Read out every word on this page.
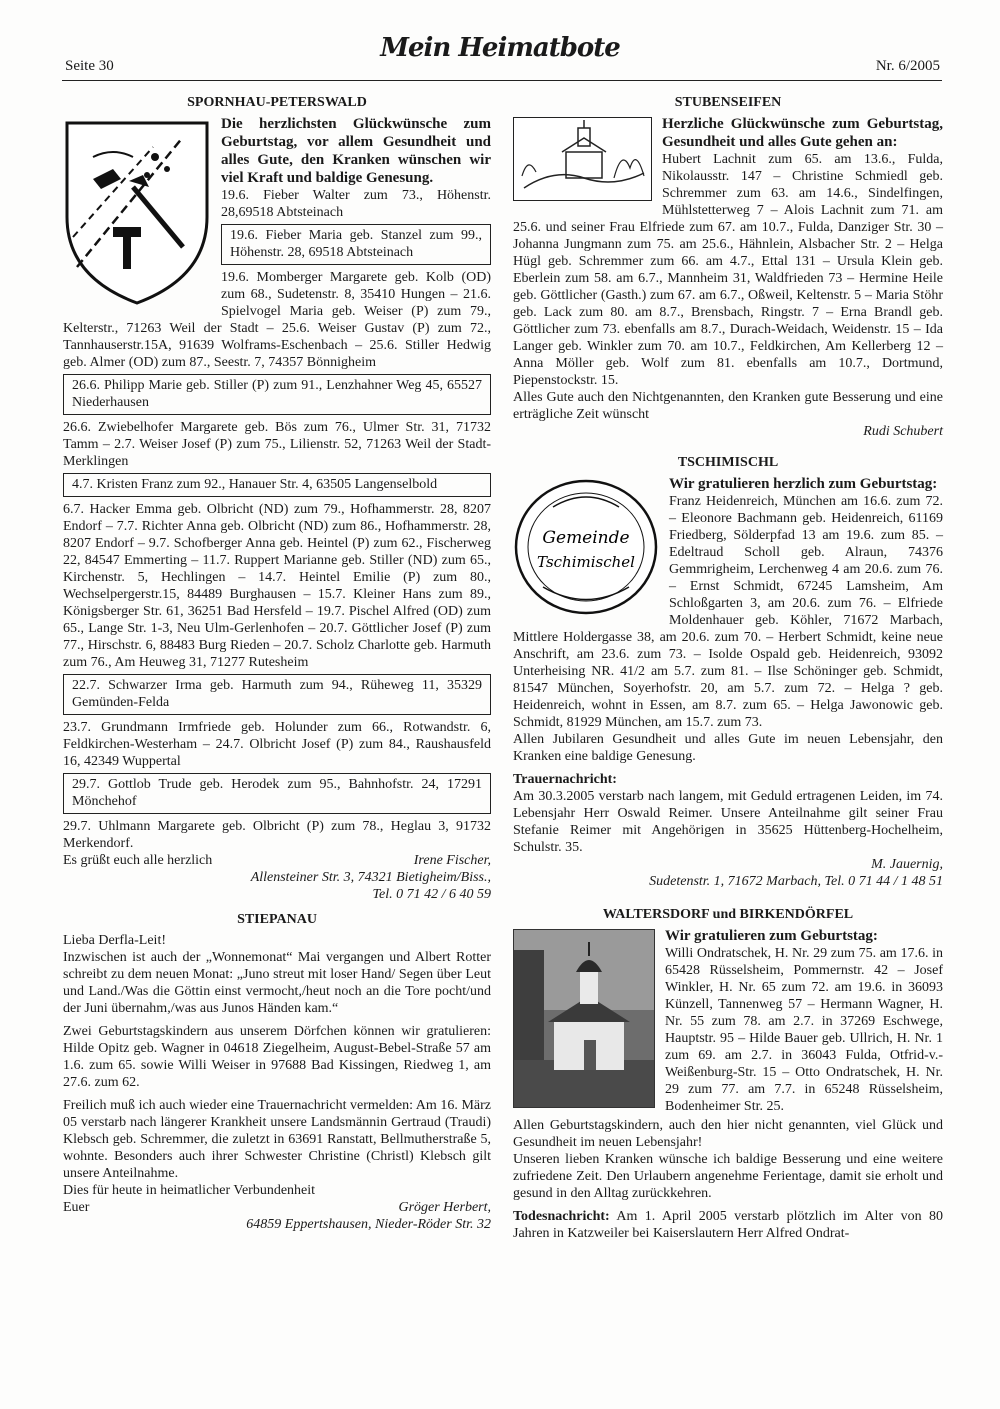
Seite 30
Mein Heimatbote
Nr. 6/2005
SPORNHAU-PETERSWALD
Die herzlichsten Glückwünsche zum Geburtstag, vor allem Gesundheit und alles Gute, den Kranken wünschen wir viel Kraft und baldige Genesung.

19.6. Fieber Walter zum 73., Höhenstr. 28,69518 Abtsteinach

19.6. Fieber Maria geb. Stanzel zum 99., Höhenstr. 28, 69518 Abtsteinach

19.6. Momberger Margarete geb. Kolb (OD) zum 68., Sudetenstr. 8, 35410 Hungen – 21.6. Spielvogel Maria geb. Weiser (P) zum 79., Kelterstr., 71263 Weil der Stadt – 25.6. Weiser Gustav (P) zum 72., Tannhauserstr.15A, 91639 Wolframs-Eschenbach – 25.6. Stiller Hedwig geb. Almer (OD) zum 87., Seestr. 7, 74357 Bönnigheim

26.6. Philipp Marie geb. Stiller (P) zum 91., Lenzhahner Weg 45, 65527 Niederhausen

26.6. Zwiebelhofer Margarete geb. Bös zum 76., Ulmer Str. 31, 71732 Tamm – 2.7. Weiser Josef (P) zum 75., Lilienstr. 52, 71263 Weil der Stadt-Merklingen

4.7. Kristen Franz zum 92., Hanauer Str. 4, 63505 Langenselbold

6.7. Hacker Emma geb. Olbricht (ND) zum 79., Hofhammerstr. 28, 8207 Endorf – 7.7. Richter Anna geb. Olbricht (ND) zum 86., Hofhammerstr. 28, 8207 Endorf – 9.7. Schofberger Anna geb. Heintel (P) zum 62., Fischerweg 22, 84547 Emmerting – 11.7. Ruppert Marianne geb. Stiller (ND) zum 65., Kirchenstr. 5, Hechlingen – 14.7. Heintel Emilie (P) zum 80., Wechselpergerstr.15, 84489 Burghausen – 15.7. Kleiner Hans zum 89., Königsberger Str. 61, 36251 Bad Hersfeld – 19.7. Pischel Alfred (OD) zum 65., Lange Str. 1-3, Neu Ulm-Gerlenhofen – 20.7. Göttlicher Josef (P) zum 77., Hirschstr. 6, 88483 Burg Rieden – 20.7. Scholz Charlotte geb. Harmuth zum 76., Am Heuweg 31, 71277 Rutesheim

22.7. Schwarzer Irma geb. Harmuth zum 94., Rüheweg 11, 35329 Gemünden-Felda

23.7. Grundmann Irmfriede geb. Holunder zum 66., Rotwandstr. 6, Feldkirchen-Westerham – 24.7. Olbricht Josef (P) zum 84., Raushausfeld 16, 42349 Wuppertal

29.7. Gottlob Trude geb. Herodek zum 95., Bahnhofstr. 24, 17291 Mönchehof

29.7. Uhlmann Margarete geb. Olbricht (P) zum 78., Heglau 3, 91732 Merkendorf.

Es grüßt euch alle herzlich	Irene Fischer,
Allensteiner Str. 3, 74321 Bietigheim/Biss.,
Tel. 0 71 42 / 6 40 59
STIEPANAU

Lieba Derfla-Leit!

Inzwischen ist auch der „Wonnemonat“ Mai vergangen und Albert Rotter schreibt zu dem neuen Monat: „Juno streut mit loser Hand/ Segen über Leut und Land./Was die Göttin einst vermocht,/heut noch an die Tore pocht/und der Juni übernahm,/was aus Junos Händen kam.“

Zwei Geburtstagskindern aus unserem Dörfchen können wir gratulieren: Hilde Opitz geb. Wagner in 04618 Ziegelheim, August-Bebel-Straße 57 am 1.6. zum 65. sowie Willi Weiser in 97688 Bad Kissingen, Riedweg 1, am 27.6. zum 62.

Freilich muß ich auch wieder eine Trauernachricht vermelden: Am 16. März 05 verstarb nach längerer Krankheit unsere Landsmännin Gertraud (Traudi) Klebsch geb. Schremmer, die zuletzt in 63691 Ranstatt, Bellmutherstraße 5, wohnte. Besonders auch ihrer Schwester Christine (Christl) Klebsch gilt unsere Anteilnahme.

Dies für heute in heimatlicher Verbundenheit

Euer	Gröger Herbert,
64859 Eppertshausen, Nieder-Röder Str. 32
STUBENSEIFEN
Herzliche Glückwünsche zum Geburtstag, Gesundheit und alles Gute gehen an:

Hubert Lachnit zum 65. am 13.6., Fulda, Nikolausstr. 147 – Christine Schmiedl geb. Schremmer zum 63. am 14.6., Sindelfingen, Mühlstetterweg 7 – Alois Lachnit zum 71. am 25.6. und seiner Frau Elfriede zum 67. am 10.7., Fulda, Danziger Str. 30 – Johanna Jungmann zum 75. am 25.6., Hähnlein, Alsbacher Str. 2 – Helga Hügl geb. Schremmer zum 66. am 4.7., Ettal 131 – Ursula Klein geb. Eberlein zum 58. am 6.7., Mannheim 31, Waldfrieden 73 – Hermine Heile geb. Göttlicher (Gasth.) zum 67. am 6.7., Oßweil, Keltenstr. 5 – Maria Stöhr geb. Lack zum 80. am 8.7., Brensbach, Ringstr. 7 – Erna Brandl geb. Göttlicher zum 73. ebenfalls am 8.7., Durach-Weidach, Weidenstr. 15 – Ida Langer geb. Winkler zum 70. am 10.7., Feldkirchen, Am Kellerberg 12 – Anna Möller geb. Wolf zum 81. ebenfalls am 10.7., Dortmund, Piepenstockstr. 15.

Alles Gute auch den Nichtgenannten, den Kranken gute Besserung und eine erträgliche Zeit wünscht

Rudi Schubert
TSCHIMISCHL
Gemeinde
Tschimischel
Wir gratulieren herzlich zum Geburtstag:

Franz Heidenreich, München am 16.6. zum 72. – Eleonore Bachmann geb. Heidenreich, 61169 Friedberg, Sölderpfad 13 am 19.6. zum 85. – Edeltraud Scholl geb. Alraun, 74376 Gemmrigheim, Lerchenweg 4 am 20.6. zum 76. – Ernst Schmidt, 67245 Lamsheim, Am Schloßgarten 3, am 20.6. zum 76. – Elfriede Moldenhauer geb. Köhler, 71672 Marbach, Mittlere Holdergasse 38, am 20.6. zum 70. – Herbert Schmidt, keine neue Anschrift, am 23.6. zum 73. – Isolde Ospald geb. Heidenreich, 93092 Unterheising NR. 41/2 am 5.7. zum 81. – Ilse Schöninger geb. Schmidt, 81547 München, Soyerhofstr. 20, am 5.7. zum 72. – Helga ? geb. Heidenreich, wohnt in Essen, am 8.7. zum 65. – Helga Jawonowic geb. Schmidt, 81929 München, am 15.7. zum 73.

Allen Jubilaren Gesundheit und alles Gute im neuen Lebensjahr, den Kranken eine baldige Genesung.

Trauernachricht:

Am 30.3.2005 verstarb nach langem, mit Geduld ertragenen Leiden, im 74. Lebensjahr Herr Oswald Reimer. Unsere Anteilnahme gilt seiner Frau Stefanie Reimer mit Angehörigen in 35625 Hüttenberg-Hochelheim, Schulstr. 35.

M. Jauernig,
Sudetenstr. 1, 71672 Marbach, Tel. 0 71 44 / 1 48 51
WALTERSDORF und BIRKENDÖRFEL
Wir gratulieren zum Geburtstag:

Willi Ondratschek, H. Nr. 29 zum 75. am 17.6. in 65428 Rüsselsheim, Pommernstr. 42 – Josef Winkler, H. Nr. 65 zum 72. am 19.6. in 36093 Künzell, Tannenweg 57 – Hermann Wagner, H. Nr. 55 zum 78. am 2.7. in 37269 Eschwege, Hauptstr. 95 – Hilde Bauer geb. Ullrich, H. Nr. 1 zum 69. am 2.7. in 36043 Fulda, Otfrid-v.-Weißenburg-Str. 15 – Otto Ondratschek, H. Nr. 29 zum 77. am 7.7. in 65248 Rüsselsheim, Bodenheimer Str. 25.

Allen Geburtstagskindern, auch den hier nicht genannten, viel Glück und Gesundheit im neuen Lebensjahr!

Unseren lieben Kranken wünsche ich baldige Besserung und eine weitere zufriedene Zeit. Den Urlaubern angenehme Ferientage, damit sie erholt und gesund in den Alltag zurückkehren.

Todesnachricht: Am 1. April 2005 verstarb plötzlich im Alter von 80 Jahren in Katzweiler bei Kaiserslautern Herr Alfred Ondrat-
